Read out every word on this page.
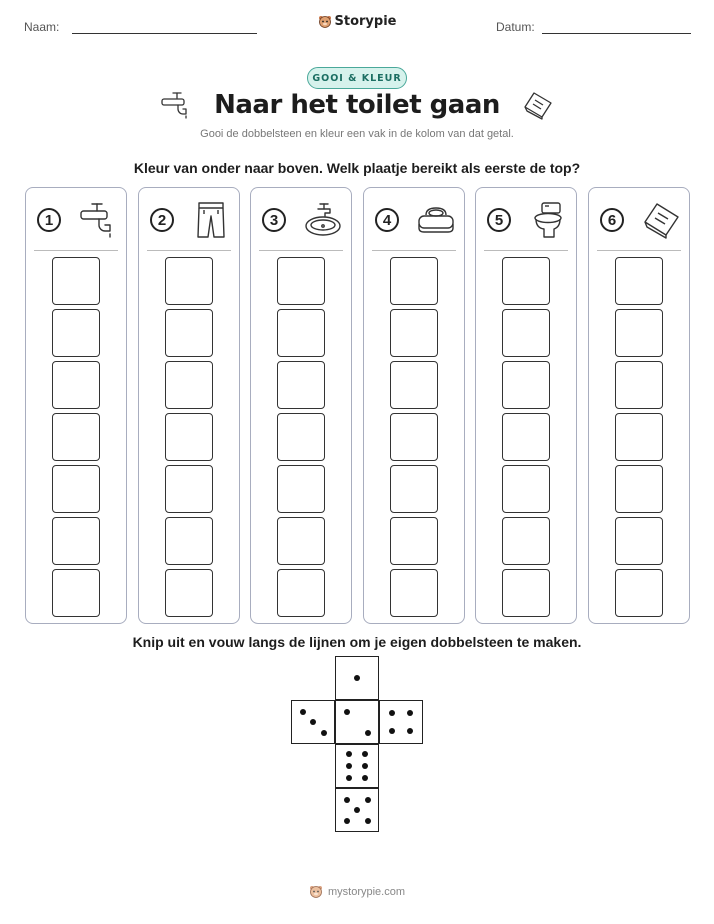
Naam:	Storypie	Datum:
GOOI & KLEUR
Naar het toilet gaan
Gooi de dobbelsteen en kleur een vak in de kolom van dat getal.
Kleur van onder naar boven. Welk plaatje bereikt als eerste de top?
1	2	3	4	5	6
Knip uit en vouw langs de lijnen om je eigen dobbelsteen te maken.
mystorypie.com
